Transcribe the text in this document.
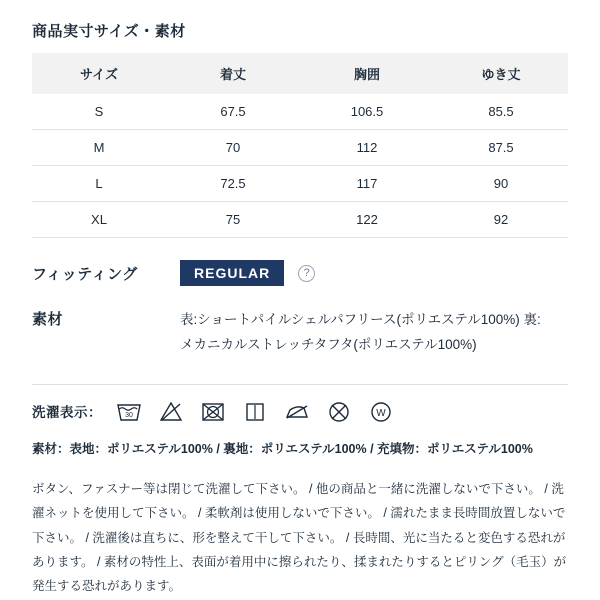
商品実寸サイズ・素材
サイズ	着丈	胸囲	ゆき丈
S	67.5	106.5	85.5
M	70	112	87.5
L	72.5	117	90
XL	75	122	92
フィッティング	REGULAR	?
素材	表:ショートパイルシェルパフリース(ポリエステル100%) 裏:メカニカルストレッチタフタ(ポリエステル100%)
洗濯表示：	30	W
素材：表地：ポリエステル100% / 裏地：ポリエステル100% / 充填物：ポリエステル100%
ボタン、ファスナー等は閉じて洗濯して下さい。 / 他の商品と一緒に洗濯しないで下さい。 / 洗濯ネットを使用して下さい。 / 柔軟剤は使用しないで下さい。 / 濡れたまま長時間放置しないで下さい。 / 洗濯後は直ちに、形を整えて干して下さい。 / 長時間、光に当たると変色する恐れがあります。 / 素材の特性上、表面が着用中に擦られたり、揉まれたりするとピリング（毛玉）が発生する恐れがあります。
